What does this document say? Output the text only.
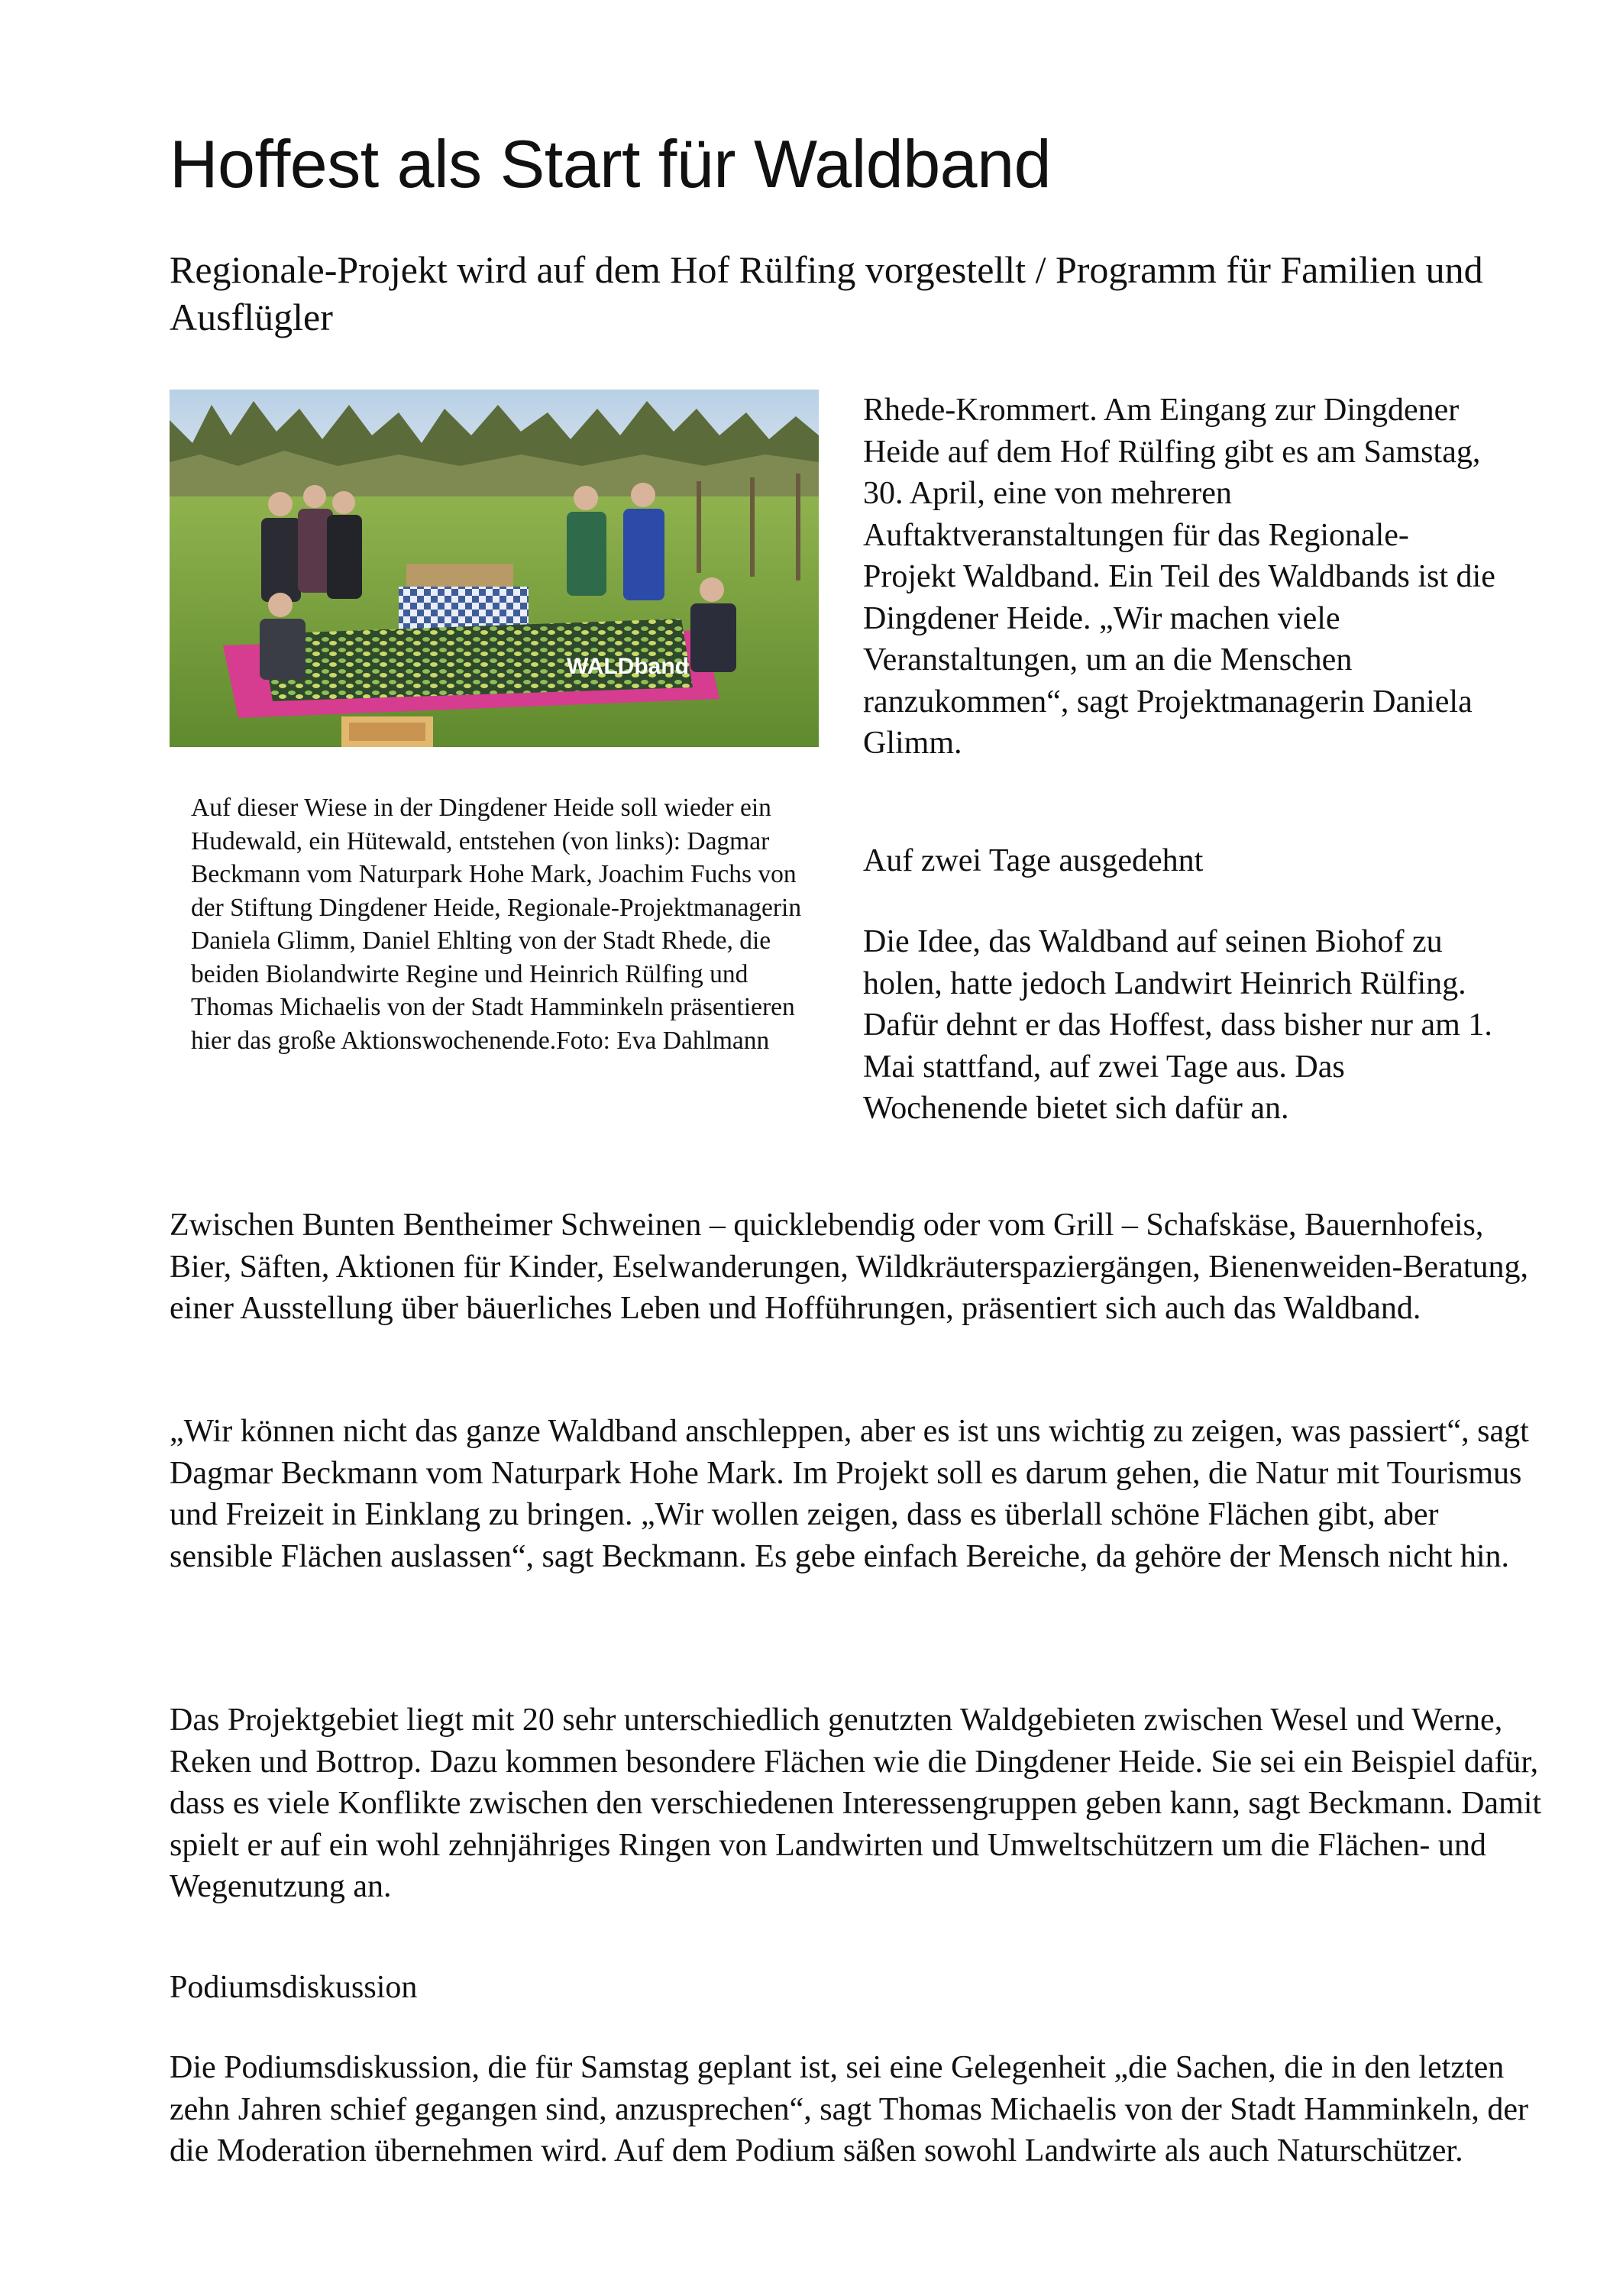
Hoffest als Start für Waldband
Regionale-Projekt wird auf dem Hof Rülfing vorgestellt / Programm für Familien und Ausflügler
WALDband

Auf dieser Wiese in der Dingdener Heide soll wieder ein Hudewald, ein Hütewald, entstehen (von links): Dagmar Beckmann vom Naturpark Hohe Mark, Joachim Fuchs von der Stiftung Dingdener Heide, Regionale-Projektmanagerin Daniela Glimm, Daniel Ehlting von der Stadt Rhede, die beiden Biolandwirte Regine und Heinrich Rülfing und Thomas Michaelis von der Stadt Hamminkeln präsentieren hier das große Aktionswochenende.Foto: Eva Dahlmann

Rhede-Krommert. Am Eingang zur Dingdener Heide auf dem Hof Rülfing gibt es am Samstag, 30. April, eine von mehreren Auftaktveranstaltungen für das Regionale-Projekt Waldband. Ein Teil des Waldbands ist die Dingdener Heide. „Wir machen viele Veranstaltungen, um an die Menschen ranzukommen“, sagt Projektmanagerin Daniela Glimm.

Auf zwei Tage ausgedehnt

Die Idee, das Waldband auf seinen Biohof zu holen, hatte jedoch Landwirt Heinrich Rülfing. Dafür dehnt er das Hoffest, dass bisher nur am 1. Mai stattfand, auf zwei Tage aus. Das Wochenende bietet sich dafür an.

Zwischen Bunten Bentheimer Schweinen – quicklebendig oder vom Grill – Schafskäse, Bauernhofeis, Bier, Säften, Aktionen für Kinder, Eselwanderungen, Wildkräuterspaziergängen, Bienenweiden-Beratung, einer Ausstellung über bäuerliches Leben und Hofführungen, präsentiert sich auch das Waldband.

„Wir können nicht das ganze Waldband anschleppen, aber es ist uns wichtig zu zeigen, was passiert“, sagt Dagmar Beckmann vom Naturpark Hohe Mark. Im Projekt soll es darum gehen, die Natur mit Tourismus und Freizeit in Einklang zu bringen. „Wir wollen zeigen, dass es überlall schöne Flächen gibt, aber sensible Flächen auslassen“, sagt Beckmann. Es gebe einfach Bereiche, da gehöre der Mensch nicht hin.

Das Projektgebiet liegt mit 20 sehr unterschiedlich genutzten Waldgebieten zwischen Wesel und Werne, Reken und Bottrop. Dazu kommen besondere Flächen wie die Dingdener Heide. Sie sei ein Beispiel dafür, dass es viele Konflikte zwischen den verschiedenen Interessengruppen geben kann, sagt Beckmann. Damit spielt er auf ein wohl zehnjähriges Ringen von Landwirten und Umweltschützern um die Flächen- und Wegenutzung an.

Podiumsdiskussion

Die Podiumsdiskussion, die für Samstag geplant ist, sei eine Gelegenheit „die Sachen, die in den letzten zehn Jahren schief gegangen sind, anzusprechen“, sagt Thomas Michaelis von der Stadt Hamminkeln, der die Moderation übernehmen wird. Auf dem Podium säßen sowohl Landwirte als auch Naturschützer.
